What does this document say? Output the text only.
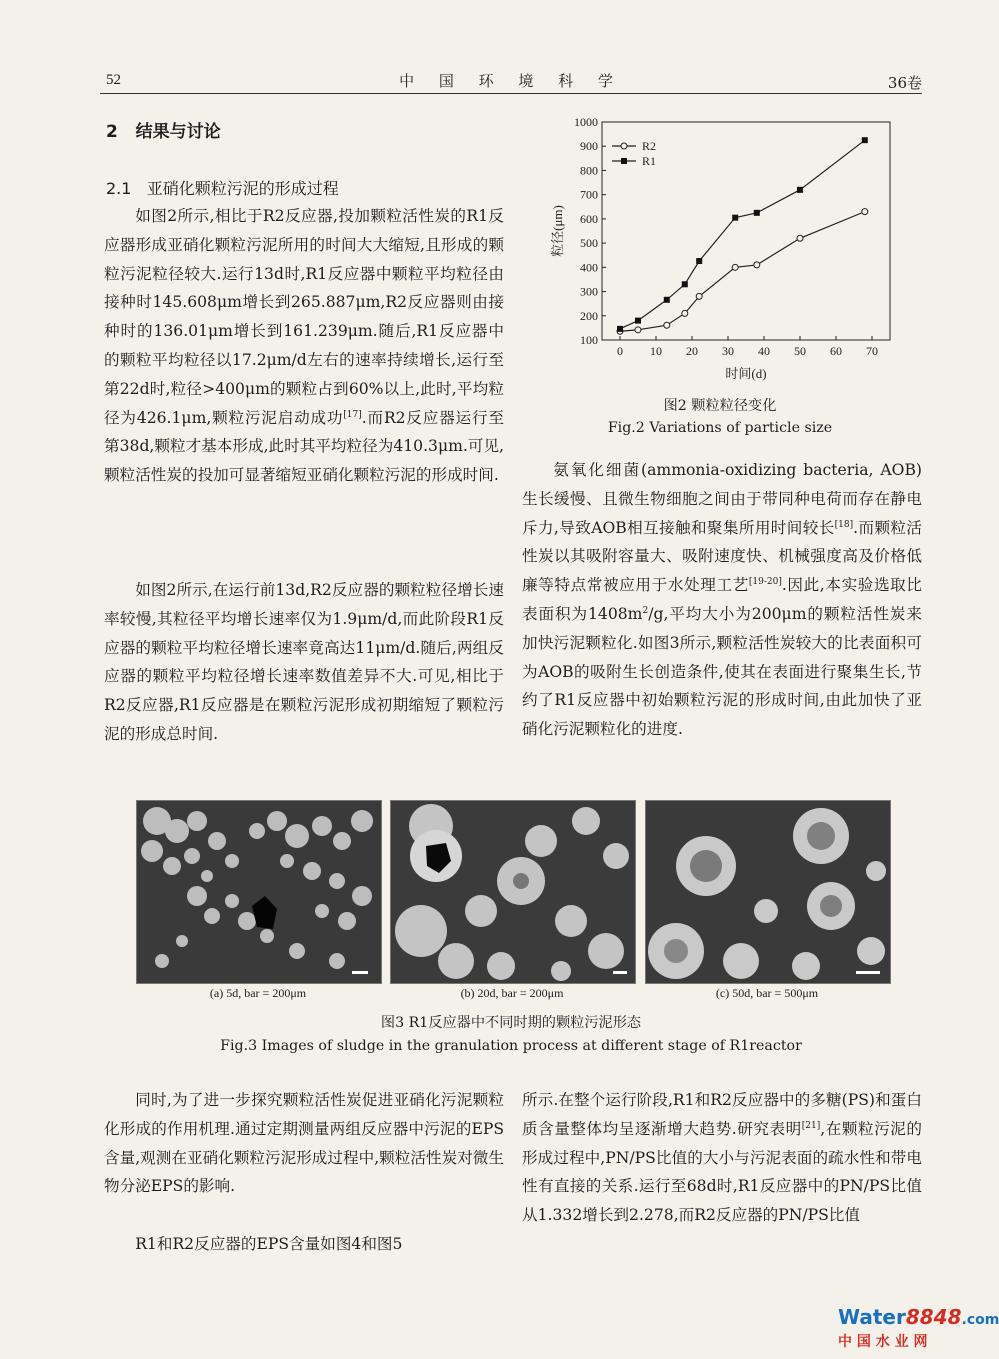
52	中 国 环 境 科 学	36卷
2 结果与讨论
2.1 亚硝化颗粒污泥的形成过程

如图2所示,相比于R2反应器,投加颗粒活性炭的R1反应器形成亚硝化颗粒污泥所用的时间大大缩短,且形成的颗粒污泥粒径较大.运行13d时,R1反应器中颗粒平均粒径由接种时145.608μm增长到265.887μm,R2反应器则由接种时的136.01μm增长到161.239μm.随后,R1反应器中的颗粒平均粒径以17.2μm/d左右的速率持续增长,运行至第22d时,粒径>400μm的颗粒占到60%以上,此时,平均粒径为426.1μm,颗粒污泥启动成功[17].而R2反应器运行至第38d,颗粒才基本形成,此时其平均粒径为410.3μm.可见,颗粒活性炭的投加可显著缩短亚硝化颗粒污泥的形成时间.

如图2所示,在运行前13d,R2反应器的颗粒粒径增长速率较慢,其粒径平均增长速率仅为1.9μm/d,而此阶段R1反应器的颗粒平均粒径增长速率竟高达11μm/d.随后,两组反应器的颗粒平均粒径增长速率数值差异不大.可见,相比于R2反应器,R1反应器是在颗粒污泥形成初期缩短了颗粒污泥的形成总时间.

100
200
300
400
500
600
700
800
900
1000
0 10 20 30 40 50 60 70
时间(d)
粒径(μm)
R2
R1
图2 颗粒粒径变化
Fig.2 Variations of particle size

氨氧化细菌(ammonia-oxidizing bacteria, AOB)生长缓慢、且微生物细胞之间由于带同种电荷而存在静电斥力,导致AOB相互接触和聚集所用时间较长[18].而颗粒活性炭以其吸附容量大、吸附速度快、机械强度高及价格低廉等特点常被应用于水处理工艺[19-20].因此,本实验选取比表面积为$1408m^2/g$,平均大小为200μm的颗粒活性炭来加快污泥颗粒化.如图3所示,颗粒活性炭较大的比表面积可为AOB的吸附生长创造条件,使其在表面进行聚集生长,节约了R1反应器中初始颗粒污泥的形成时间,由此加快了亚硝化污泥颗粒化的进度.

(a) 5d, bar = 200μm	(b) 20d, bar = 200μm	(c) 50d, bar = 500μm
图3 R1反应器中不同时期的颗粒污泥形态
Fig.3 Images of sludge in the granulation process at different stage of R1reactor

同时,为了进一步探究颗粒活性炭促进亚硝化污泥颗粒化形成的作用机理.通过定期测量两组反应器中污泥的EPS含量,观测在亚硝化颗粒污泥形成过程中,颗粒活性炭对微生物分泌EPS的影响.

R1和R2反应器的EPS含量如图4和图5

所示.在整个运行阶段,R1和R2反应器中的多糖(PS)和蛋白质含量整体均呈逐渐增大趋势.研究表明[21],在颗粒污泥的形成过程中,PN/PS比值的大小与污泥表面的疏水性和带电性有直接的关系.运行至68d时,R1反应器中的PN/PS比值从1.332增长到2.278,而R2反应器的PN/PS比值

Water8848.com
中 国 水 业 网
